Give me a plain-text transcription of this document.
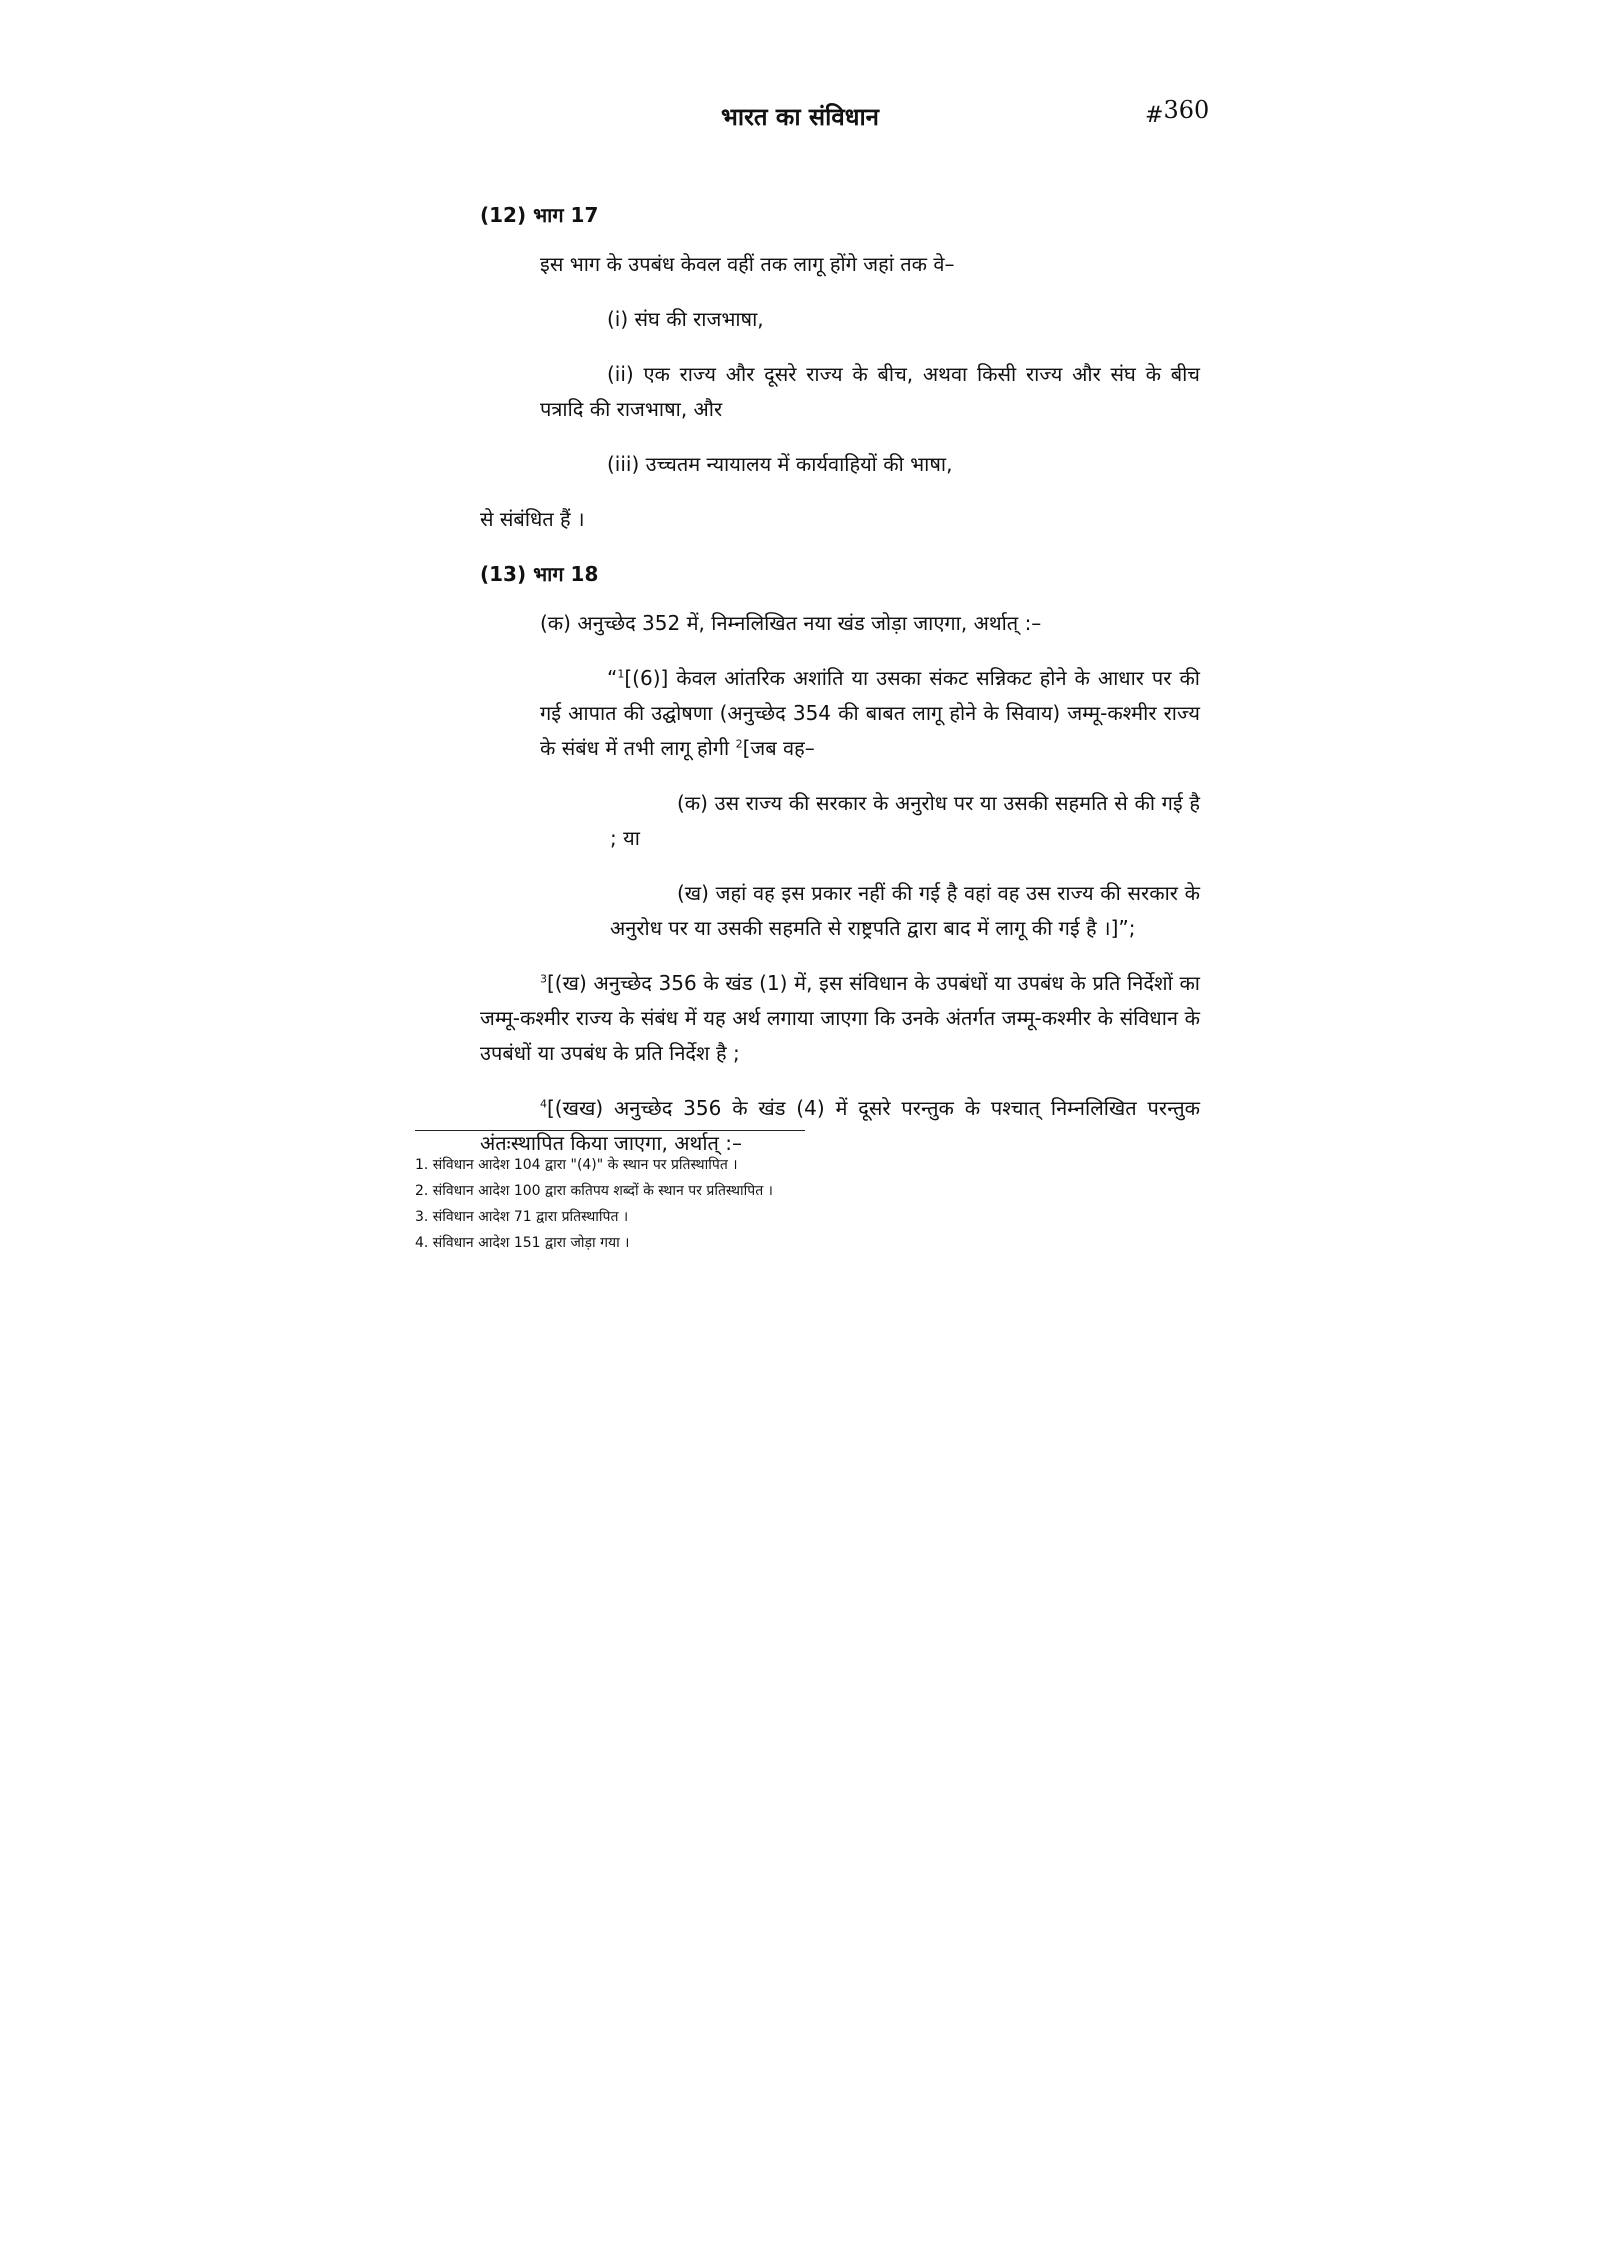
भारत का संविधान	#360

(12) भाग 17

इस भाग के उपबंध केवल वहीं तक लागू होंगे जहां तक वे–

(i) संघ की राजभाषा,

(ii) एक राज्य और दूसरे राज्य के बीच, अथवा किसी राज्य और संघ के बीच पत्रादि की राजभाषा, और

(iii) उच्चतम न्यायालय में कार्यवाहियों की भाषा,

से संबंधित हैं ।

(13) भाग 18

(क) अनुच्छेद 352 में, निम्नलिखित नया खंड जोड़ा जाएगा, अर्थात् :–

“$^1$[(6)] केवल आंतरिक अशांति या उसका संकट सन्निकट होने के आधार पर की गई आपात की उद्घोषणा (अनुच्छेद 354 की बाबत लागू होने के सिवाय) जम्मू-कश्मीर राज्य के संबंध में तभी लागू होगी $^2$[जब वह–

(क) उस राज्य की सरकार के अनुरोध पर या उसकी सहमति से की गई है ; या

(ख) जहां वह इस प्रकार नहीं की गई है वहां वह उस राज्य की सरकार के अनुरोध पर या उसकी सहमति से राष्ट्रपति द्वारा बाद में लागू की गई है ।]”;

$^3$[(ख) अनुच्छेद 356 के खंड (1) में, इस संविधान के उपबंधों या उपबंध के प्रति निर्देशों का जम्मू-कश्मीर राज्य के संबंध में यह अर्थ लगाया जाएगा कि उनके अंतर्गत जम्मू-कश्मीर के संविधान के उपबंधों या उपबंध के प्रति निर्देश है ;

$^4$[(खख) अनुच्छेद 356 के खंड (4) में दूसरे परन्तुक के पश्चात् निम्नलिखित परन्तुक अंतःस्थापित किया जाएगा, अर्थात् :–

1. संविधान आदेश 104 द्वारा "(4)" के स्थान पर प्रतिस्थापित ।

2. संविधान आदेश 100 द्वारा कतिपय शब्दों के स्थान पर प्रतिस्थापित ।

3. संविधान आदेश 71 द्वारा प्रतिस्थापित ।

4. संविधान आदेश 151 द्वारा जोड़ा गया ।
